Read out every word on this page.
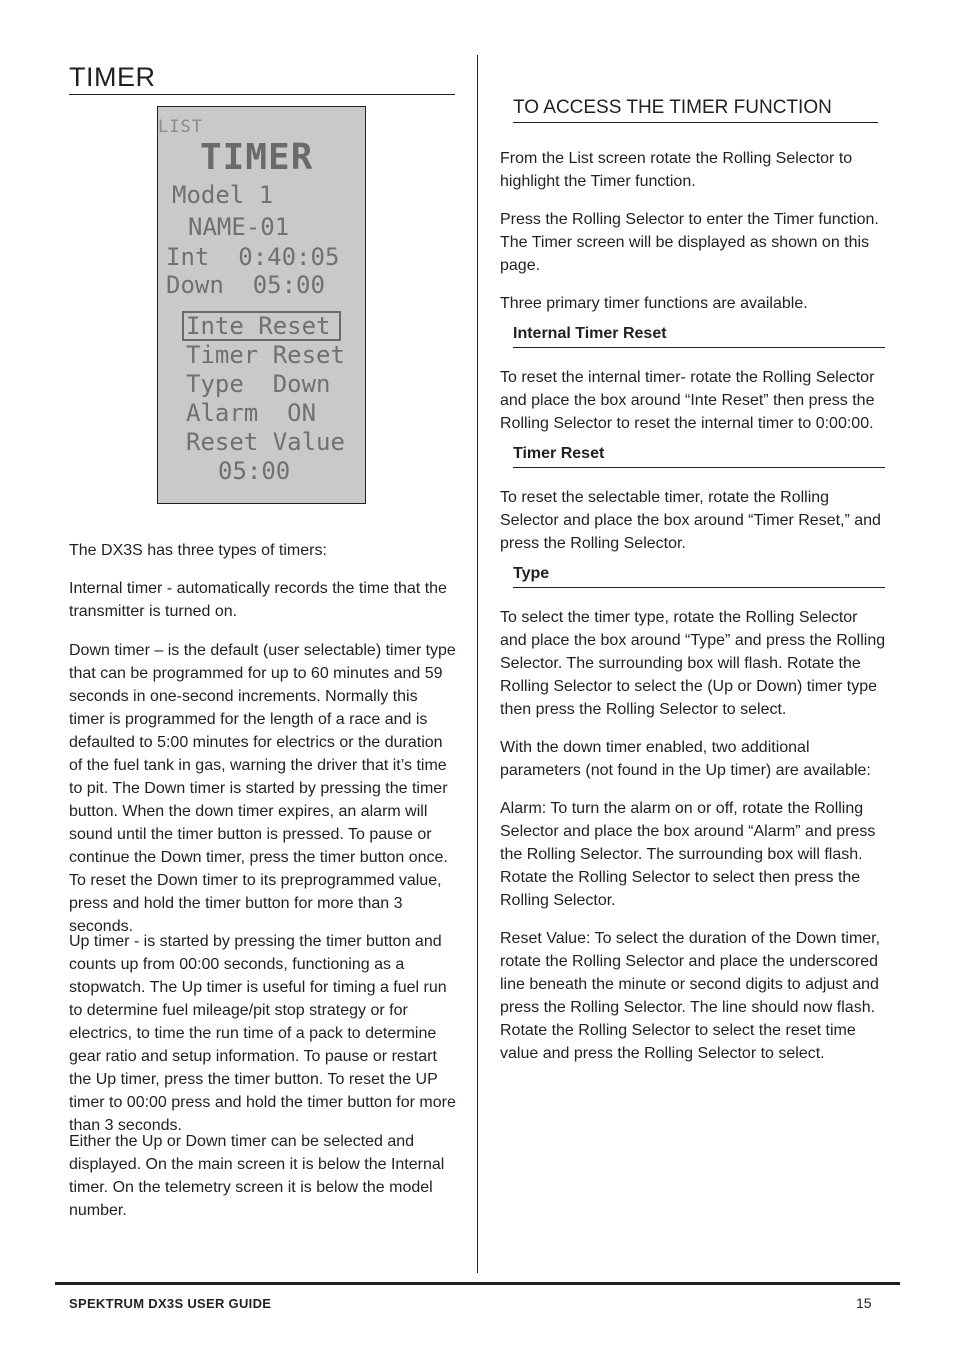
TIMER
LIST
TIMER
Model 1
NAME-01
Int  0:40:05
Down  05:00
Inte Reset
Timer Reset
Type  Down
Alarm  ON
Reset Value
05:00

The DX3S has three types of timers:

Internal timer - automatically records the time that the transmitter is turned on.

Down timer – is the default (user selectable) timer type that can be programmed for up to 60 minutes and 59 seconds in one-second increments. Normally this timer is programmed for the length of a race and is defaulted to 5:00 minutes for electrics or the duration of the fuel tank in gas, warning the driver that it’s time to pit. The Down timer is started by pressing the timer button. When the down timer expires, an alarm will sound until the timer button is pressed. To pause or continue the Down timer, press the timer button once. To reset the Down timer to its preprogrammed value, press and hold the timer button for more than 3 seconds.

Up timer - is started by pressing the timer button and counts up from 00:00 seconds, functioning as a stopwatch. The Up timer is useful for timing a fuel run to determine fuel mileage/pit stop strategy or for electrics, to time the run time of a pack to determine gear ratio and setup information. To pause or restart the Up timer, press the timer button. To reset the UP timer to 00:00 press and hold the timer button for more than 3 seconds.

Either the Up or Down timer can be selected and displayed. On the main screen it is below the Internal timer. On the telemetry screen it is below the model number.

TO ACCESS THE TIMER FUNCTION

From the List screen rotate the Rolling Selector to highlight the Timer function.

Press the Rolling Selector to enter the Timer function. The Timer screen will be displayed as shown on this page.

Three primary timer functions are available.

Internal Timer Reset

To reset the internal timer- rotate the Rolling Selector and place the box around “Inte Reset” then press the Rolling Selector to reset the internal timer to 0:00:00.

Timer Reset

To reset the selectable timer, rotate the Rolling Selector and place the box around “Timer Reset,” and press the Rolling Selector.

Type

To select the timer type, rotate the Rolling Selector and place the box around “Type” and press the Rolling Selector. The surrounding box will flash. Rotate the Rolling Selector to select the (Up or Down) timer type then press the Rolling Selector to select.

With the down timer enabled, two additional parameters (not found in the Up timer) are available:

Alarm: To turn the alarm on or off, rotate the Rolling Selector and place the box around “Alarm” and press the Rolling Selector. The surrounding box will flash. Rotate the Rolling Selector to select then press the Rolling Selector.

Reset Value: To select the duration of the Down timer, rotate the Rolling Selector and place the underscored line beneath the minute or second digits to adjust and press the Rolling Selector. The line should now flash. Rotate the Rolling Selector to select the reset time value and press the Rolling Selector to select.

SPEKTRUM DX3S USER GUIDE	15
